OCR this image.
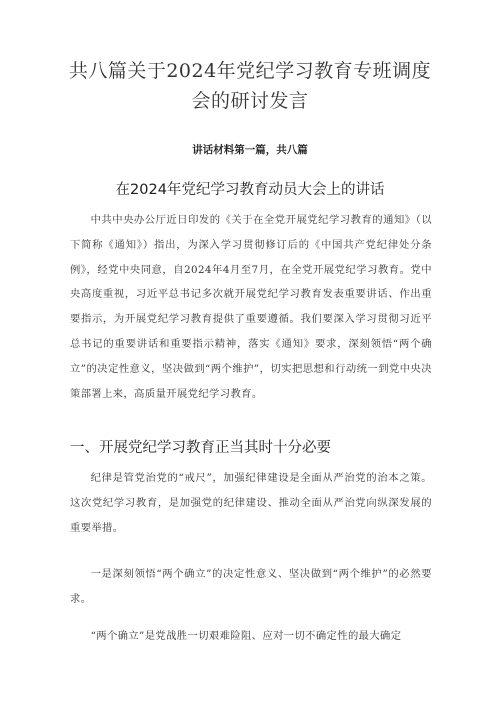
共八篇关于2024年党纪学习教育专班调度
会的研讨发言
讲话材料第一篇，共八篇
在2024年党纪学习教育动员大会上的讲话

中共中央办公厅近日印发的《关于在全党开展党纪学习教育的通知》（以下简称《通知》）指出，为深入学习贯彻修订后的《中国共产党纪律处分条例》，经党中央同意，自2024年4月至7月，在全党开展党纪学习教育。党中央高度重视，习近平总书记多次就开展党纪学习教育发表重要讲话、作出重要指示，为开展党纪学习教育提供了重要遵循。我们要深入学习贯彻习近平总书记的重要讲话和重要指示精神，落实《通知》要求，深刻领悟“两个确立”的决定性意义，坚决做到“两个维护”，切实把思想和行动统一到党中央决策部署上来，高质量开展党纪学习教育。

一、开展党纪学习教育正当其时十分必要

纪律是管党治党的“戒尺”，加强纪律建设是全面从严治党的治本之策。这次党纪学习教育，是加强党的纪律建设、推动全面从严治党向纵深发展的重要举措。

一是深刻领悟“两个确立”的决定性意义、坚决做到“两个维护”的必然要求。

“两个确立”是党战胜一切艰难险阻、应对一切不确定性的最大确定
